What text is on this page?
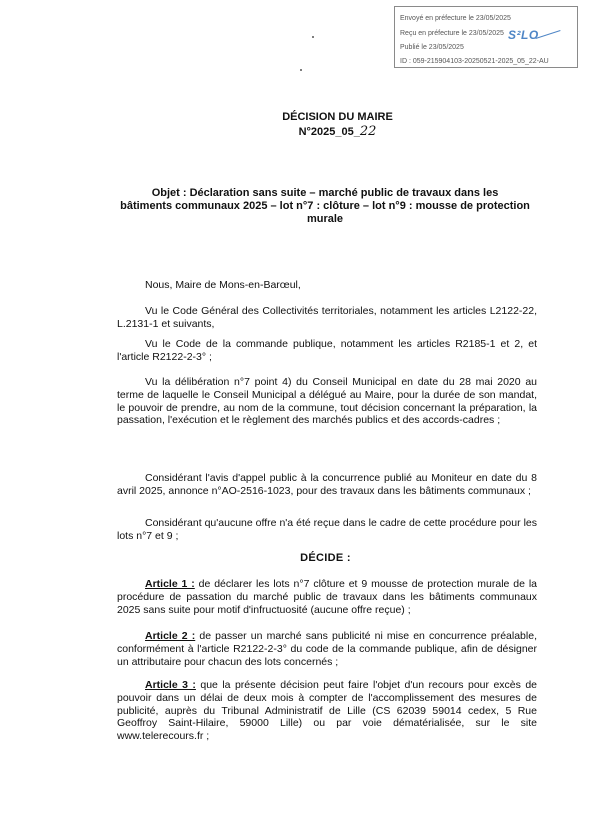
Envoyé en préfecture le 23/05/2025
Reçu en préfecture le 23/05/2025
Publié le 23/05/2025
ID : 059-215904103-20250521-2025_05_22-AU
S²LO
DÉCISION DU MAIRE
N°2025_05_22
Objet : Déclaration sans suite – marché public de travaux dans les
bâtiments communaux 2025 – lot n°7 : clôture – lot n°9 : mousse de protection
murale
Nous, Maire de Mons-en-Barœul,
Vu le Code Général des Collectivités territoriales, notamment les articles L2122-22, L.2131-1 et suivants,
Vu le Code de la commande publique, notamment les articles R2185-1 et 2, et l'article R2122-2-3° ;
Vu la délibération n°7 point 4) du Conseil Municipal en date du 28 mai 2020 au terme de laquelle le Conseil Municipal a délégué au Maire, pour la durée de son mandat, le pouvoir de prendre, au nom de la commune, tout décision concernant la préparation, la passation, l'exécution et le règlement des marchés publics et des accords-cadres ;
Considérant l'avis d'appel public à la concurrence publié au Moniteur en date du 8 avril 2025, annonce n°AO-2516-1023, pour des travaux dans les bâtiments communaux ;
Considérant qu'aucune offre n'a été reçue dans le cadre de cette procédure pour les lots n°7 et 9 ;
DÉCIDE :
Article 1 : de déclarer les lots n°7 clôture et 9 mousse de protection murale de la procédure de passation du marché public de travaux dans les bâtiments communaux 2025 sans suite pour motif d'infructuosité (aucune offre reçue) ;
Article 2 : de passer un marché sans publicité ni mise en concurrence préalable, conformément à l'article R2122-2-3° du code de la commande publique, afin de désigner un attributaire pour chacun des lots concernés ;
Article 3 : que la présente décision peut faire l'objet d'un recours pour excès de pouvoir dans un délai de deux mois à compter de l'accomplissement des mesures de publicité, auprès du Tribunal Administratif de Lille (CS 62039 59014 cedex, 5 Rue Geoffroy Saint-Hilaire, 59000 Lille) ou par voie dématérialisée, sur le site www.telerecours.fr ;
